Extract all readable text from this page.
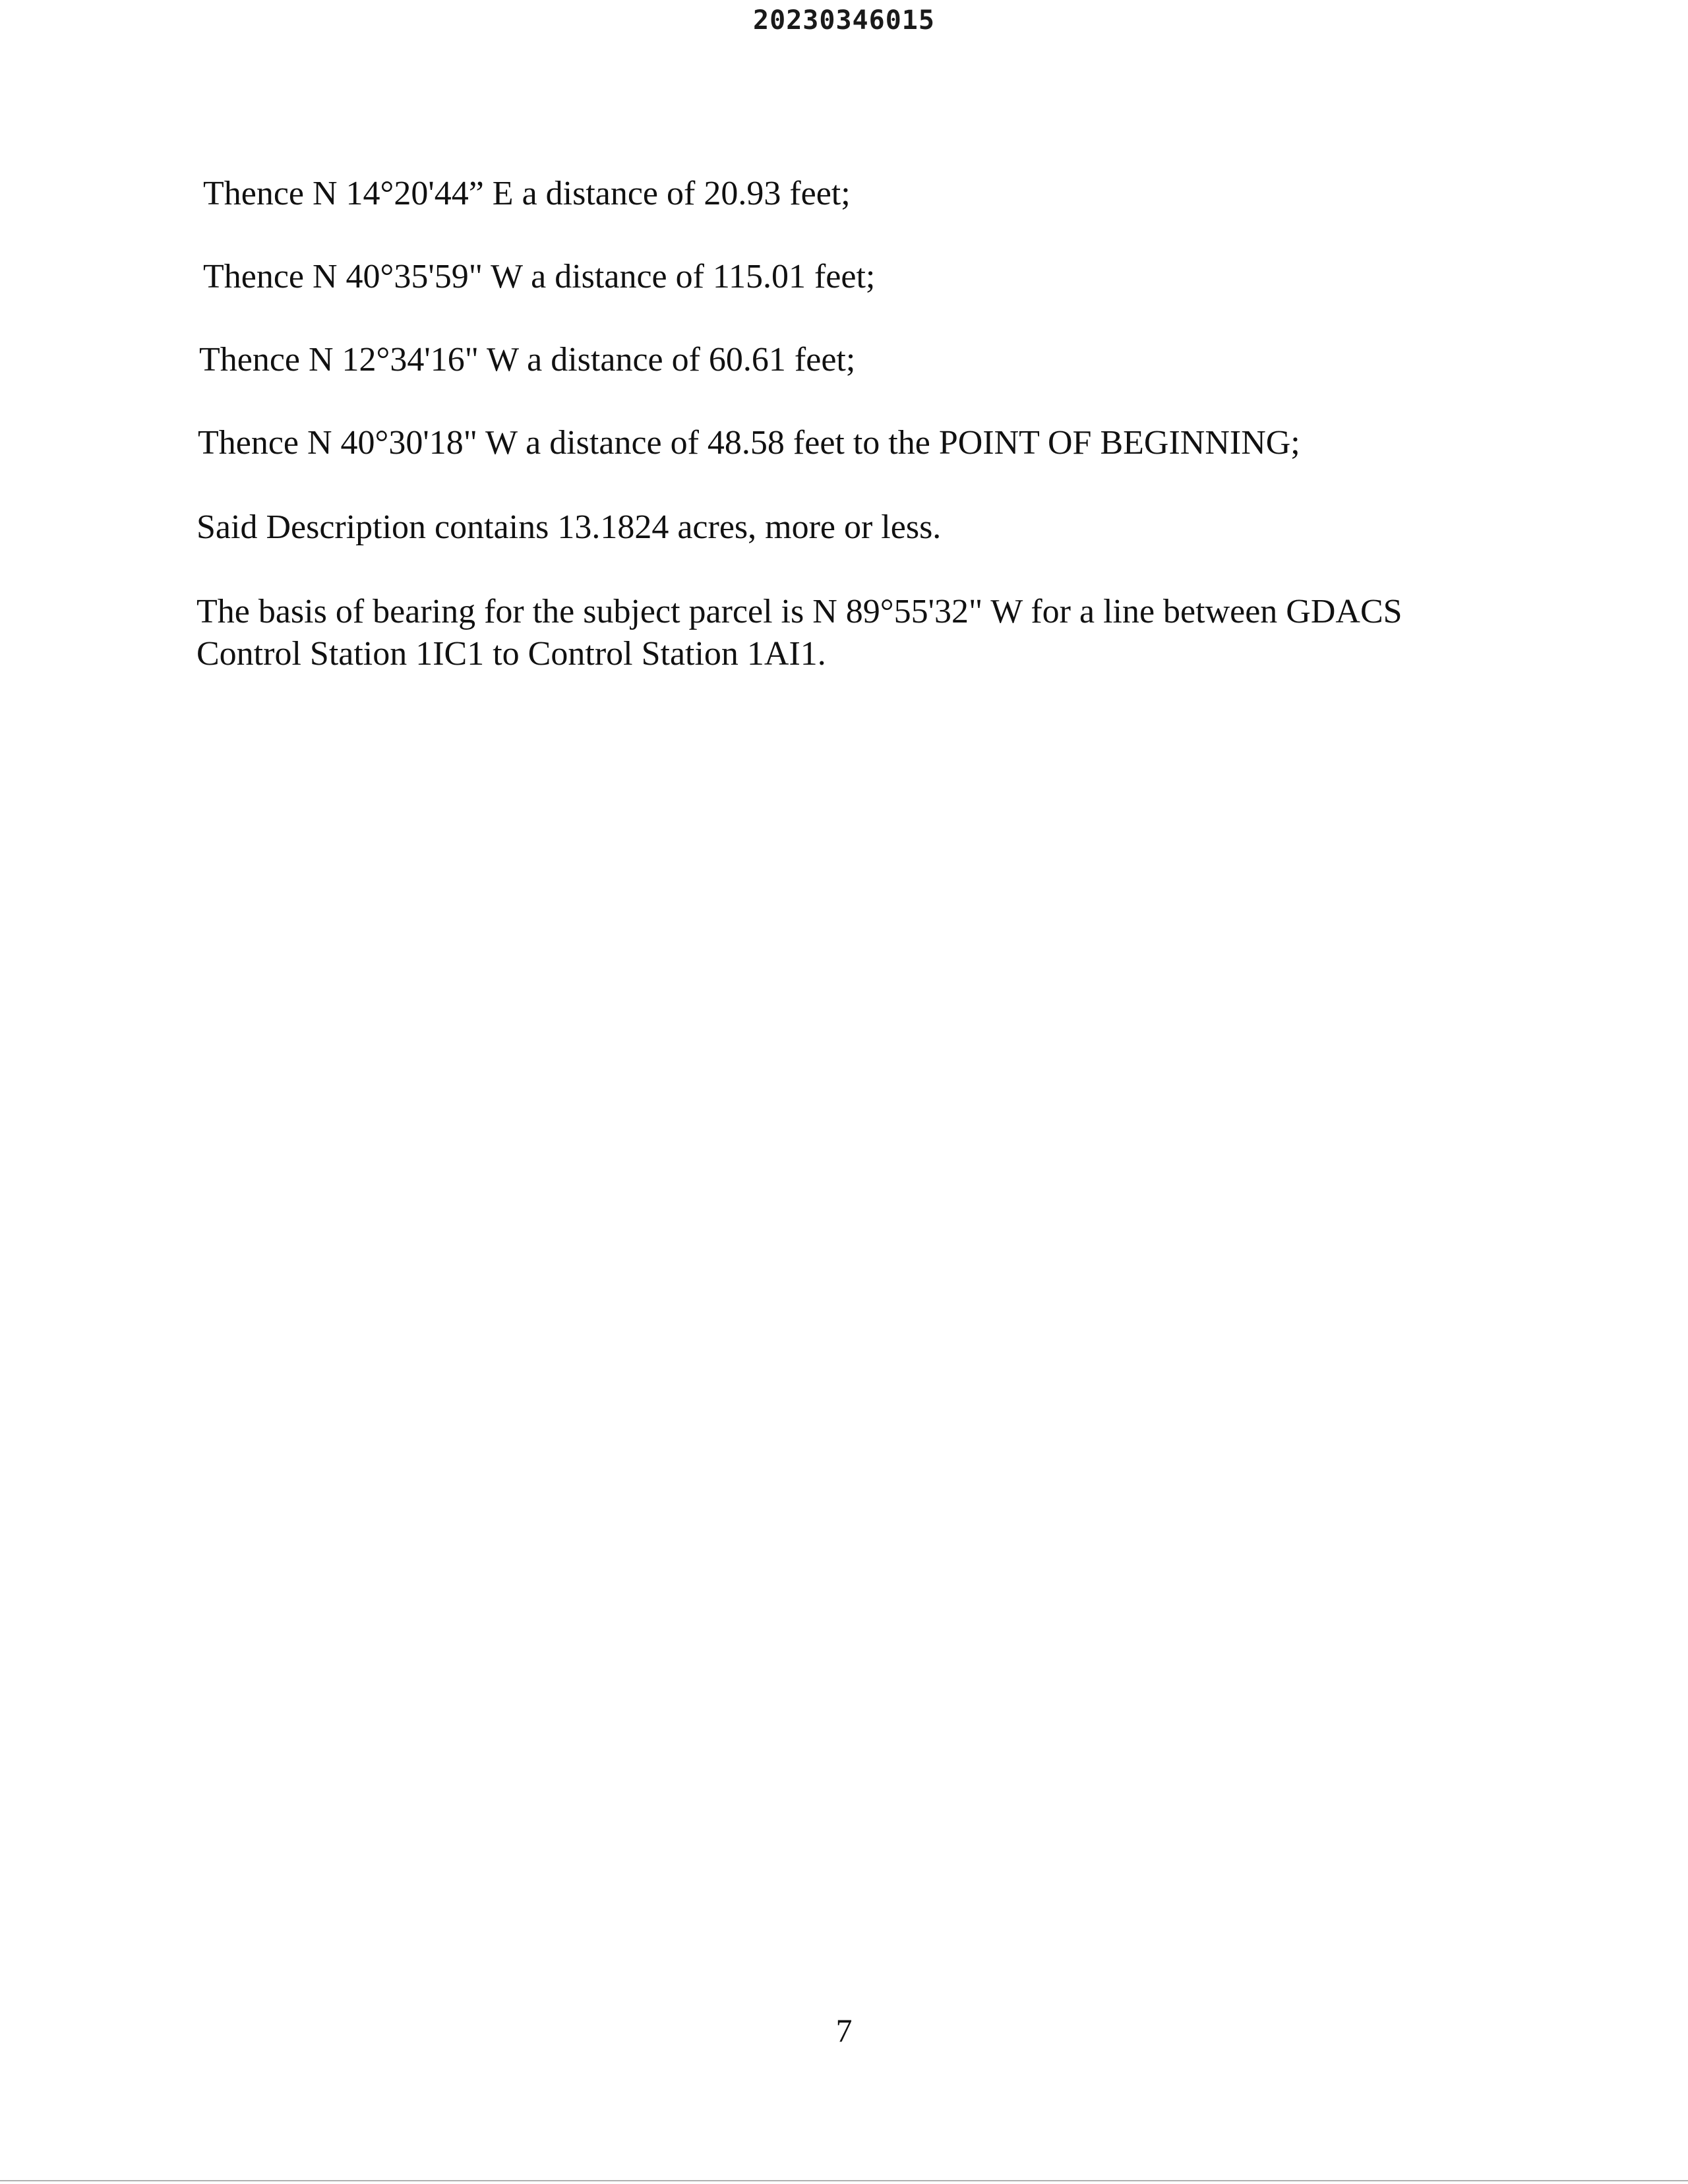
20230346015
Thence N 14°20'44” E a distance of 20.93 feet;
Thence N 40°35'59" W a distance of 115.01 feet;
Thence N 12°34'16" W a distance of 60.61 feet;
Thence N 40°30'18" W a distance of 48.58 feet to the POINT OF BEGINNING;
Said Description contains 13.1824 acres, more or less.
The basis of bearing for the subject parcel is N 89°55'32" W for a line between GDACS
Control Station 1IC1 to Control Station 1AI1.
7
